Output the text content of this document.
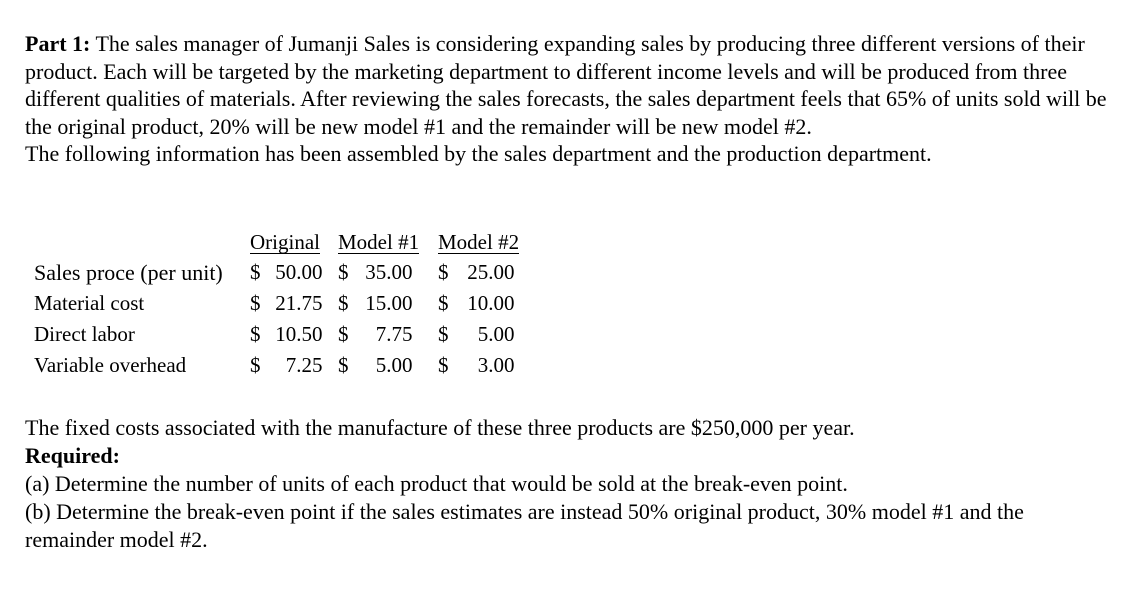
Part 1: The sales manager of Jumanji Sales is considering expanding sales by producing three different versions of their product. Each will be targeted by the marketing department to different income levels and will be produced from three different qualities of materials. After reviewing the sales forecasts, the sales department feels that 65% of units sold will be the original product, 20% will be new model #1 and the remainder will be new model #2.
The following information has been assembled by the sales department and the production department.
	Original	Model #1	Model #2
Sales proce (per unit)	$ 50.00	$ 35.00	$ 25.00
Material cost	$ 21.75	$ 15.00	$ 10.00
Direct labor	$ 10.50	$ 7.75	$ 5.00
Variable overhead	$ 7.25	$ 5.00	$ 3.00
The fixed costs associated with the manufacture of these three products are $250,000 per year.
Required:
(a) Determine the number of units of each product that would be sold at the break-even point.
(b) Determine the break-even point if the sales estimates are instead 50% original product, 30% model #1 and the remainder model #2.
